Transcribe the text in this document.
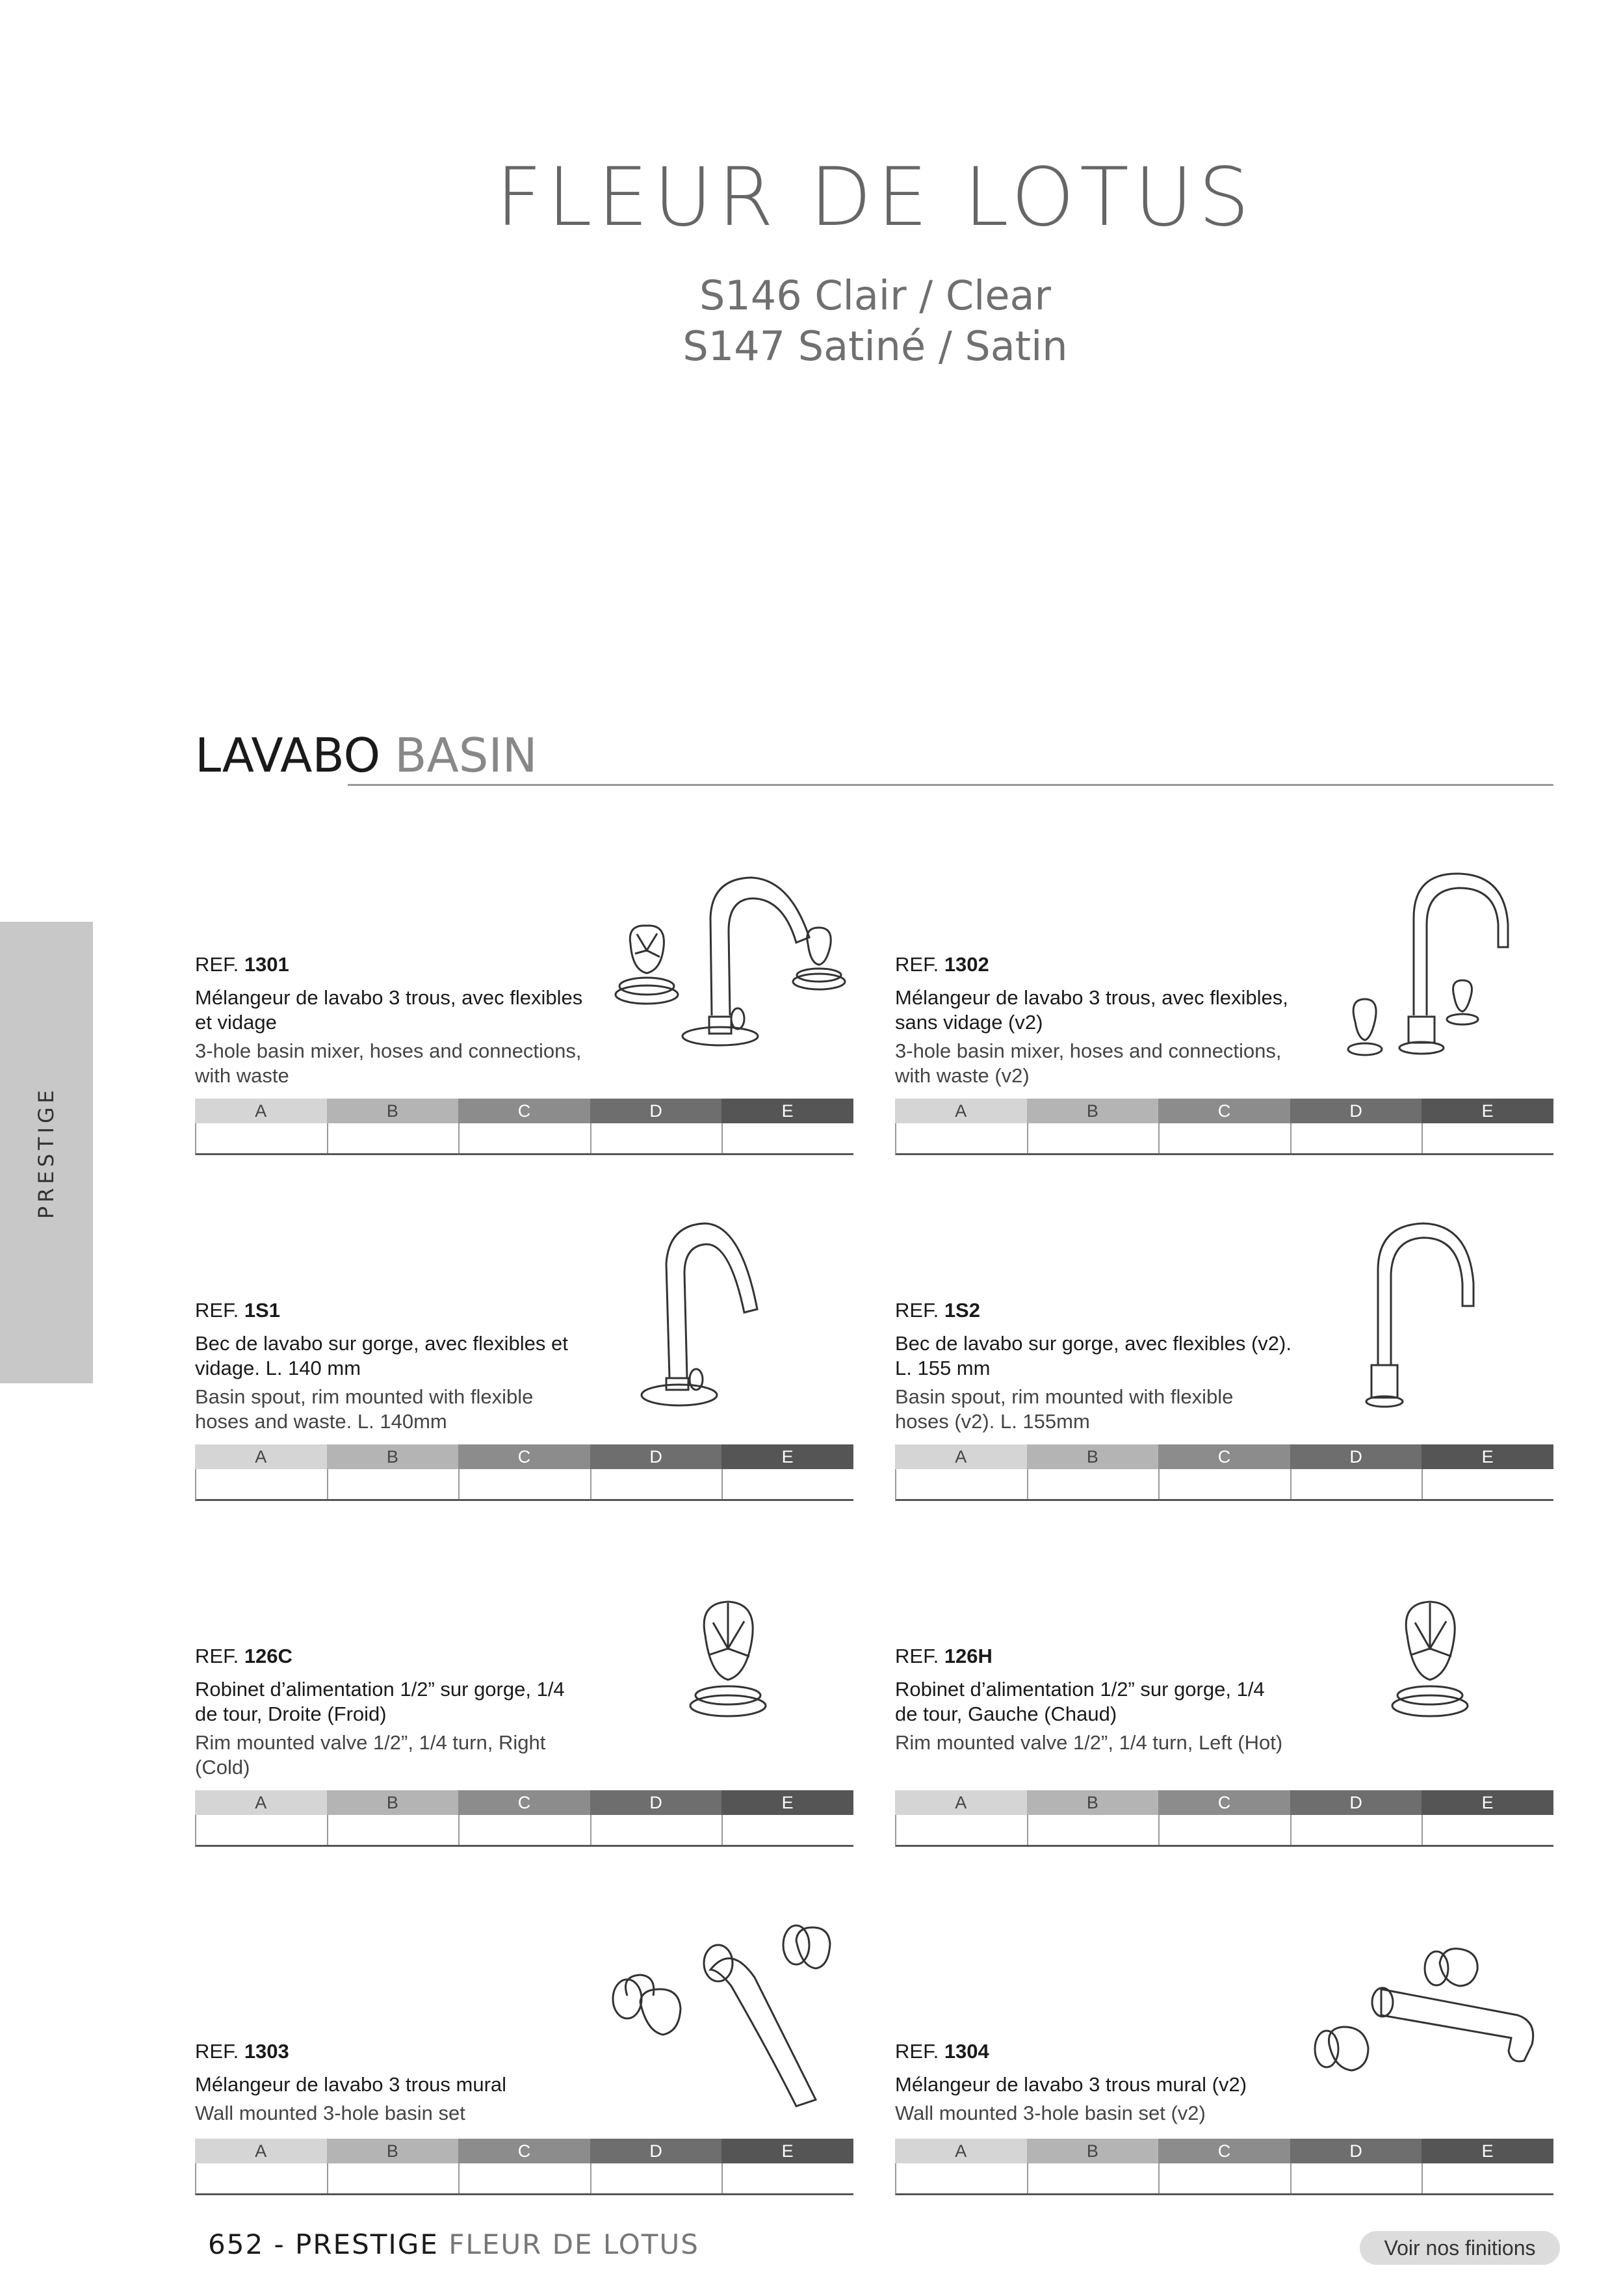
FLEUR DE LOTUS
S146 Clair / Clear
S147 Satiné / Satin
PRESTIGE
LAVABO BASIN
REF. 1301
Mélangeur de lavabo 3 trous, avec flexibles et vidage
3-hole basin mixer, hoses and connections, with waste
A	B	C	D	E
REF. 1302
Mélangeur de lavabo 3 trous, avec flexibles, sans vidage (v2)
3-hole basin mixer, hoses and connections, with waste (v2)
A	B	C	D	E
REF. 1S1
Bec de lavabo sur gorge, avec flexibles et vidage. L. 140 mm
Basin spout, rim mounted with flexible hoses and waste. L. 140mm
A	B	C	D	E
REF. 1S2
Bec de lavabo sur gorge, avec flexibles (v2). L. 155 mm
Basin spout, rim mounted with flexible hoses (v2). L. 155mm
A	B	C	D	E
REF. 126C
Robinet d’alimentation 1/2” sur gorge, 1/4 de tour, Droite (Froid)
Rim mounted valve 1/2”, 1/4 turn, Right (Cold)
A	B	C	D	E
REF. 126H
Robinet d’alimentation 1/2” sur gorge, 1/4 de tour, Gauche (Chaud)
Rim mounted valve 1/2”, 1/4 turn, Left (Hot)
A	B	C	D	E
REF. 1303
Mélangeur de lavabo 3 trous mural
Wall mounted 3-hole basin set
A	B	C	D	E
REF. 1304
Mélangeur de lavabo 3 trous mural (v2)
Wall mounted 3-hole basin set (v2)
A	B	C	D	E
652 - PRESTIGE FLEUR DE LOTUS	Voir nos finitions
